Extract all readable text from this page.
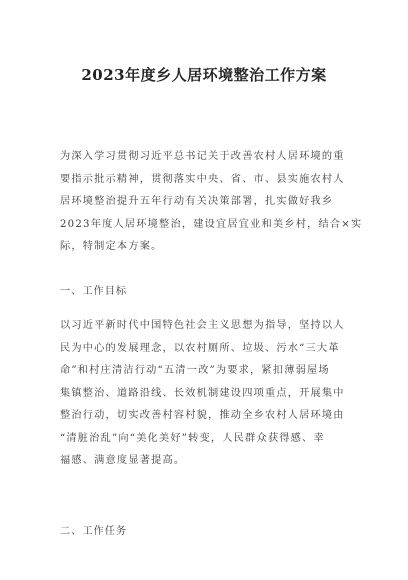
2023年度乡人居环境整治工作方案
为深入学习贯彻习近平总书记关于改善农村人居环境的重
要指示批示精神，贯彻落实中央、省、市、县实施农村人
居环境整治提升五年行动有关决策部署，扎实做好我乡
2023年度人居环境整治，建设宜居宜业和美乡村，结合×实
际，特制定本方案。
一、工作目标
以习近平新时代中国特色社会主义思想为指导，坚持以人
民为中心的发展理念，以农村厕所、垃圾、污水“三大革
命”和村庄清洁行动“五清一改”为要求，紧扣薄弱屋场
集镇整治、道路沿线、长效机制建设四项重点，开展集中
整治行动，切实改善村容村貌，推动全乡农村人居环境由
“清脏治乱”向“美化美好”转变，人民群众获得感、幸
福感、满意度显著提高。
二、工作任务
